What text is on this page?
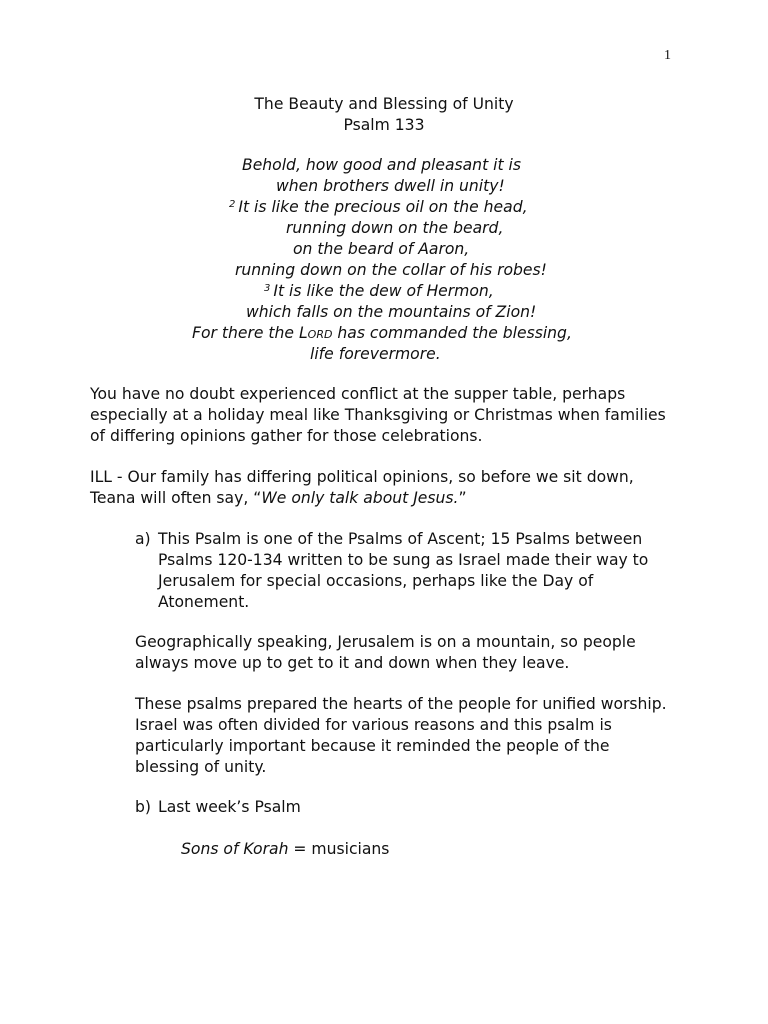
1
The Beauty and Blessing of Unity
Psalm 133
Behold, how good and pleasant it is
when brothers dwell in unity!
$^2$ It is like the precious oil on the head,
running down on the beard,
on the beard of Aaron,
running down on the collar of his robes!
$^3$ It is like the dew of Hermon,
which falls on the mountains of Zion!
For there the Lord has commanded the blessing,
life forevermore.
You have no doubt experienced conflict at the supper table, perhaps
especially at a holiday meal like Thanksgiving or Christmas when families
of differing opinions gather for those celebrations.
ILL - Our family has differing political opinions, so before we sit down,
Teana will often say, “We only talk about Jesus.”
a) This Psalm is one of the Psalms of Ascent; 15 Psalms between
Psalms 120-134 written to be sung as Israel made their way to
Jerusalem for special occasions, perhaps like the Day of
Atonement.
Geographically speaking, Jerusalem is on a mountain, so people
always move up to get to it and down when they leave.
These psalms prepared the hearts of the people for unified worship.
Israel was often divided for various reasons and this psalm is
particularly important because it reminded the people of the
blessing of unity.
b) Last week’s Psalm
Sons of Korah = musicians
